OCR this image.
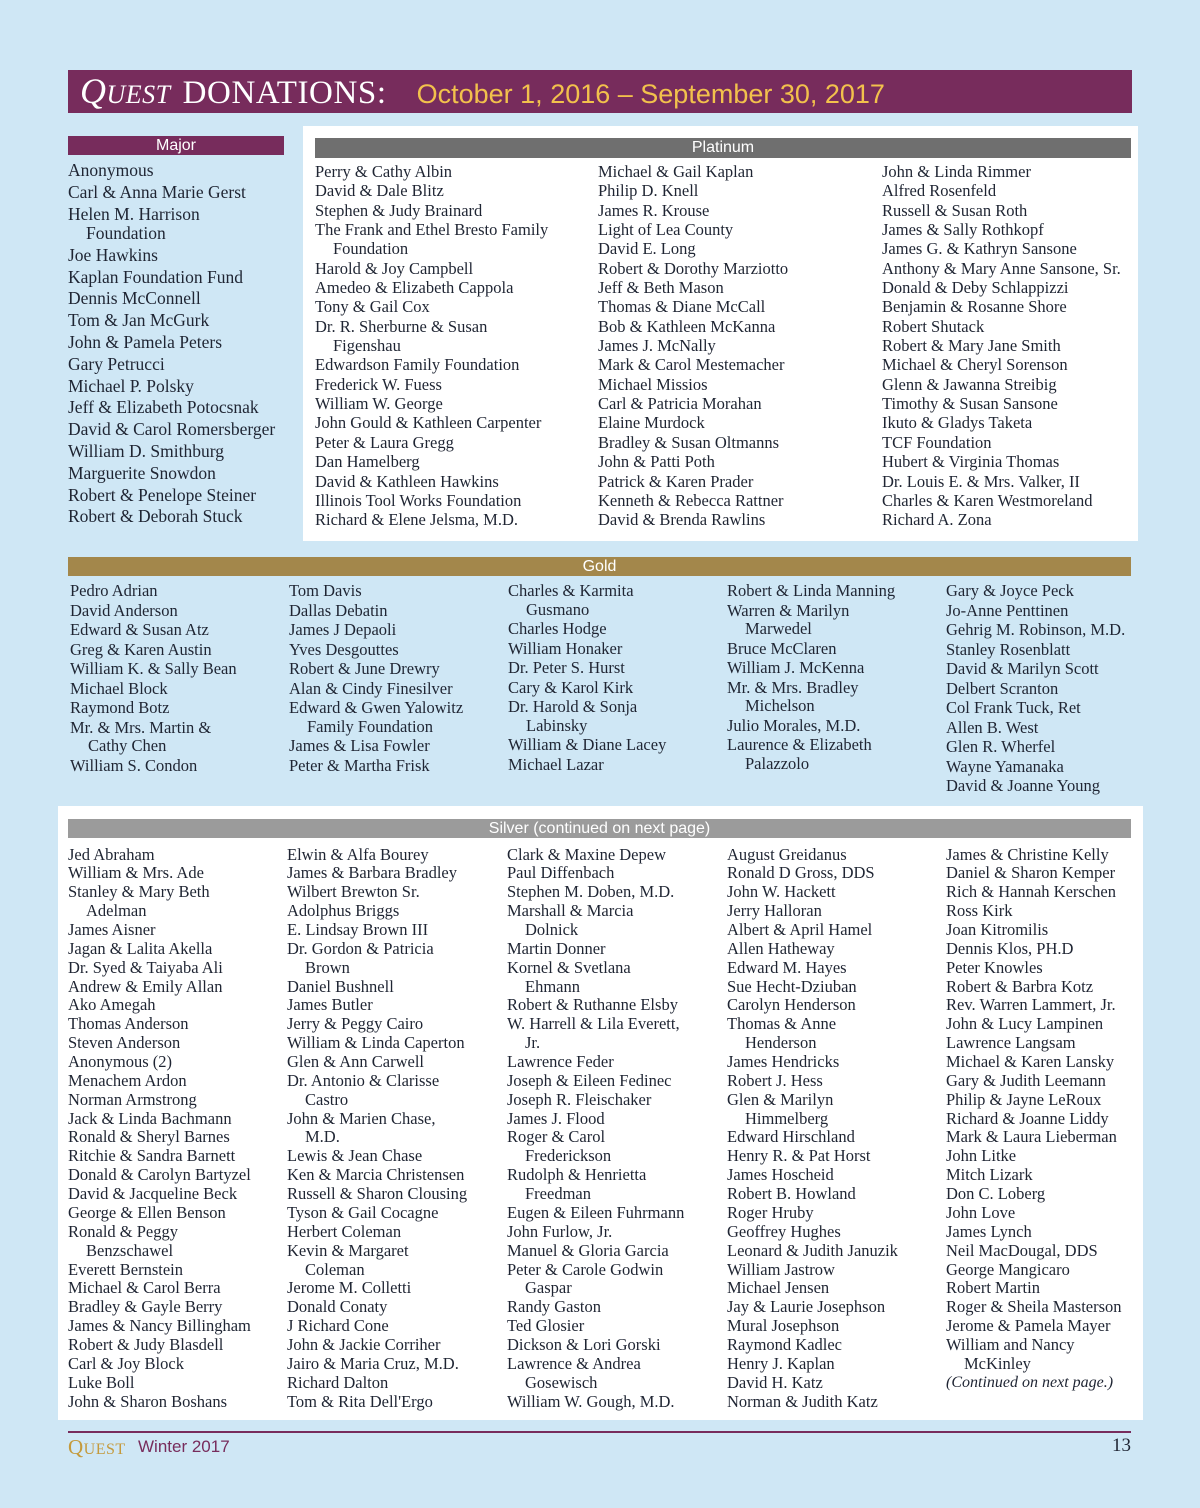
QUEST DONATIONS: October 1, 2016 – September 30, 2017
Major
Anonymous
Carl & Anna Marie Gerst
Helen M. Harrison
Foundation
Joe Hawkins
Kaplan Foundation Fund
Dennis McConnell
Tom & Jan McGurk
John & Pamela Peters
Gary Petrucci
Michael P. Polsky
Jeff & Elizabeth Potocsnak
David & Carol Romersberger
William D. Smithburg
Marguerite Snowdon
Robert & Penelope Steiner
Robert & Deborah Stuck
Platinum
Perry & Cathy Albin
David & Dale Blitz
Stephen & Judy Brainard
The Frank and Ethel Bresto Family
Foundation
Harold & Joy Campbell
Amedeo & Elizabeth Cappola
Tony & Gail Cox
Dr. R. Sherburne & Susan
Figenshau
Edwardson Family Foundation
Frederick W. Fuess
William W. George
John Gould & Kathleen Carpenter
Peter & Laura Gregg
Dan Hamelberg
David & Kathleen Hawkins
Illinois Tool Works Foundation
Richard & Elene Jelsma, M.D.
Michael & Gail Kaplan
Philip D. Knell
James R. Krouse
Light of Lea County
David E. Long
Robert & Dorothy Marziotto
Jeff & Beth Mason
Thomas & Diane McCall
Bob & Kathleen McKanna
James J. McNally
Mark & Carol Mestemacher
Michael Missios
Carl & Patricia Morahan
Elaine Murdock
Bradley & Susan Oltmanns
John & Patti Poth
Patrick & Karen Prader
Kenneth & Rebecca Rattner
David & Brenda Rawlins
John & Linda Rimmer
Alfred Rosenfeld
Russell & Susan Roth
James & Sally Rothkopf
James G. & Kathryn Sansone
Anthony & Mary Anne Sansone, Sr.
Donald & Deby Schlappizzi
Benjamin & Rosanne Shore
Robert Shutack
Robert & Mary Jane Smith
Michael & Cheryl Sorenson
Glenn & Jawanna Streibig
Timothy & Susan Sansone
Ikuto & Gladys Taketa
TCF Foundation
Hubert & Virginia Thomas
Dr. Louis E. & Mrs. Valker, II
Charles & Karen Westmoreland
Richard A. Zona
Gold
Pedro Adrian
David Anderson
Edward & Susan Atz
Greg & Karen Austin
William K. & Sally Bean
Michael Block
Raymond Botz
Mr. & Mrs. Martin &
Cathy Chen
William S. Condon
Tom Davis
Dallas Debatin
James J Depaoli
Yves Desgouttes
Robert & June Drewry
Alan & Cindy Finesilver
Edward & Gwen Yalowitz
Family Foundation
James & Lisa Fowler
Peter & Martha Frisk
Charles & Karmita
Gusmano
Charles Hodge
William Honaker
Dr. Peter S. Hurst
Cary & Karol Kirk
Dr. Harold & Sonja
Labinsky
William & Diane Lacey
Michael Lazar
Robert & Linda Manning
Warren & Marilyn
Marwedel
Bruce McClaren
William J. McKenna
Mr. & Mrs. Bradley
Michelson
Julio Morales, M.D.
Laurence & Elizabeth
Palazzolo
Gary & Joyce Peck
Jo-Anne Penttinen
Gehrig M. Robinson, M.D.
Stanley Rosenblatt
David & Marilyn Scott
Delbert Scranton
Col Frank Tuck, Ret
Allen B. West
Glen R. Wherfel
Wayne Yamanaka
David & Joanne Young
Silver (continued on next page)
Jed Abraham
William & Mrs. Ade
Stanley & Mary Beth
Adelman
James Aisner
Jagan & Lalita Akella
Dr. Syed & Taiyaba Ali
Andrew & Emily Allan
Ako Amegah
Thomas Anderson
Steven Anderson
Anonymous (2)
Menachem Ardon
Norman Armstrong
Jack & Linda Bachmann
Ronald & Sheryl Barnes
Ritchie & Sandra Barnett
Donald & Carolyn Bartyzel
David & Jacqueline Beck
George & Ellen Benson
Ronald & Peggy
Benzschawel
Everett Bernstein
Michael & Carol Berra
Bradley & Gayle Berry
James & Nancy Billingham
Robert & Judy Blasdell
Carl & Joy Block
Luke Boll
John & Sharon Boshans
Elwin & Alfa Bourey
James & Barbara Bradley
Wilbert Brewton Sr.
Adolphus Briggs
E. Lindsay Brown III
Dr. Gordon & Patricia
Brown
Daniel Bushnell
James Butler
Jerry & Peggy Cairo
William & Linda Caperton
Glen & Ann Carwell
Dr. Antonio & Clarisse
Castro
John & Marien Chase,
M.D.
Lewis & Jean Chase
Ken & Marcia Christensen
Russell & Sharon Clousing
Tyson & Gail Cocagne
Herbert Coleman
Kevin & Margaret
Coleman
Jerome M. Colletti
Donald Conaty
J Richard Cone
John & Jackie Corriher
Jairo & Maria Cruz, M.D.
Richard Dalton
Tom & Rita Dell'Ergo
Clark & Maxine Depew
Paul Diffenbach
Stephen M. Doben, M.D.
Marshall & Marcia
Dolnick
Martin Donner
Kornel & Svetlana
Ehmann
Robert & Ruthanne Elsby
W. Harrell & Lila Everett,
Jr.
Lawrence Feder
Joseph & Eileen Fedinec
Joseph R. Fleischaker
James J. Flood
Roger & Carol
Frederickson
Rudolph & Henrietta
Freedman
Eugen & Eileen Fuhrmann
John Furlow, Jr.
Manuel & Gloria Garcia
Peter & Carole Godwin
Gaspar
Randy Gaston
Ted Glosier
Dickson & Lori Gorski
Lawrence & Andrea
Gosewisch
William W. Gough, M.D.
August Greidanus
Ronald D Gross, DDS
John W. Hackett
Jerry Halloran
Albert & April Hamel
Allen Hatheway
Edward M. Hayes
Sue Hecht-Dziuban
Carolyn Henderson
Thomas & Anne
Henderson
James Hendricks
Robert J. Hess
Glen & Marilyn
Himmelberg
Edward Hirschland
Henry R. & Pat Horst
James Hoscheid
Robert B. Howland
Roger Hruby
Geoffrey Hughes
Leonard & Judith Januzik
William Jastrow
Michael Jensen
Jay & Laurie Josephson
Mural Josephson
Raymond Kadlec
Henry J. Kaplan
David H. Katz
Norman & Judith Katz
James & Christine Kelly
Daniel & Sharon Kemper
Rich & Hannah Kerschen
Ross Kirk
Joan Kitromilis
Dennis Klos, PH.D
Peter Knowles
Robert & Barbra Kotz
Rev. Warren Lammert, Jr.
John & Lucy Lampinen
Lawrence Langsam
Michael & Karen Lansky
Gary & Judith Leemann
Philip & Jayne LeRoux
Richard & Joanne Liddy
Mark & Laura Lieberman
John Litke
Mitch Lizark
Don C. Loberg
John Love
James Lynch
Neil MacDougal, DDS
George Mangicaro
Robert Martin
Roger & Sheila Masterson
Jerome & Pamela Mayer
William and Nancy
McKinley
(Continued on next page.)
QUEST Winter 2017	13
